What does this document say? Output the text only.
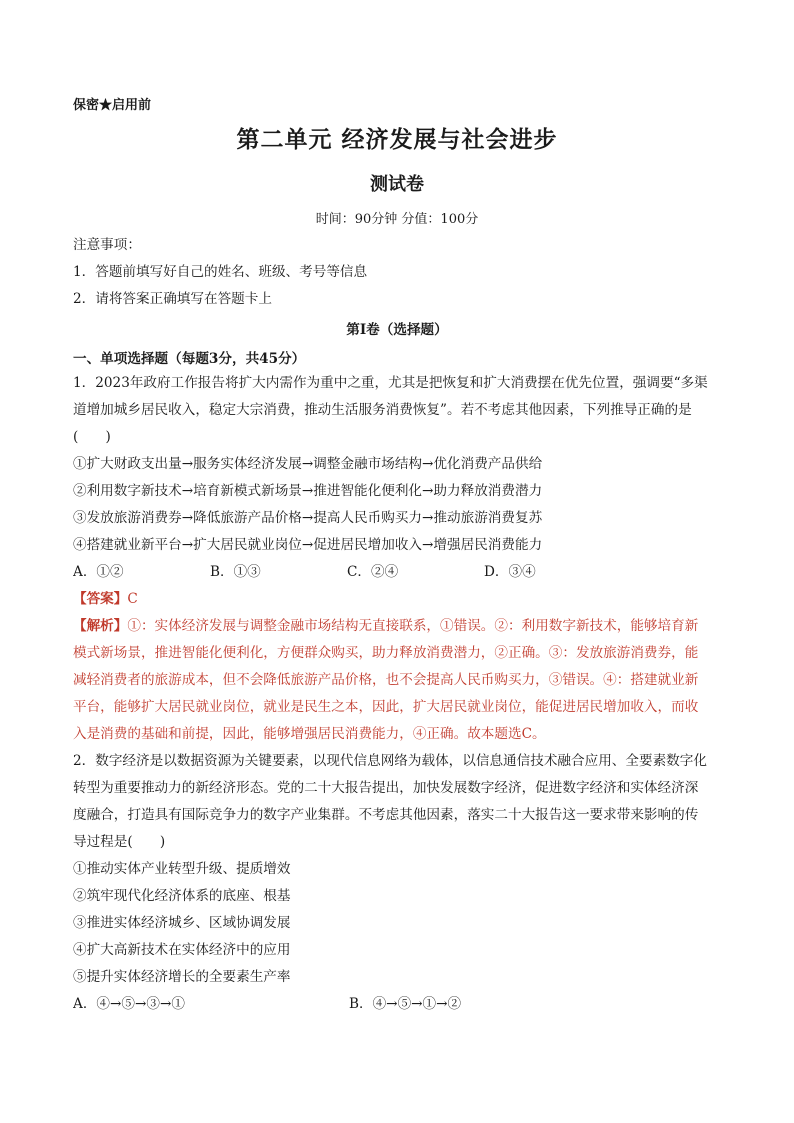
保密★启用前
第二单元 经济发展与社会进步
测试卷
时间：90分钟 分值：100分
注意事项：
1．答题前填写好自己的姓名、班级、考号等信息
2．请将答案正确填写在答题卡上
第I卷（选择题）
一、单项选择题（每题3分，共45分）
1．2023年政府工作报告将扩大内需作为重中之重，尤其是把恢复和扩大消费摆在优先位置，强调要“多渠
道增加城乡居民收入，稳定大宗消费，推动生活服务消费恢复”。若不考虑其他因素，下列推导正确的是
(　　)
①扩大财政支出量→服务实体经济发展→调整金融市场结构→优化消费产品供给
②利用数字新技术→培育新模式新场景→推进智能化便利化→助力释放消费潜力
③发放旅游消费券→降低旅游产品价格→提高人民币购买力→推动旅游消费复苏
④搭建就业新平台→扩大居民就业岗位→促进居民增加收入→增强居民消费能力
A．①②	B．①③	C．②④	D．③④
【答案】C
【解析】①：实体经济发展与调整金融市场结构无直接联系，①错误。②：利用数字新技术，能够培育新
模式新场景，推进智能化便利化，方便群众购买，助力释放消费潜力，②正确。③：发放旅游消费券，能
减轻消费者的旅游成本，但不会降低旅游产品价格，也不会提高人民币购买力，③错误。④：搭建就业新
平台，能够扩大居民就业岗位，就业是民生之本，因此，扩大居民就业岗位，能促进居民增加收入，而收
入是消费的基础和前提，因此，能够增强居民消费能力，④正确。故本题选C。
2．数字经济是以数据资源为关键要素，以现代信息网络为载体，以信息通信技术融合应用、全要素数字化
转型为重要推动力的新经济形态。党的二十大报告提出，加快发展数字经济，促进数字经济和实体经济深
度融合，打造具有国际竞争力的数字产业集群。不考虑其他因素，落实二十大报告这一要求带来影响的传
导过程是(　　)
①推动实体产业转型升级、提质增效
②筑牢现代化经济体系的底座、根基
③推进实体经济城乡、区域协调发展
④扩大高新技术在实体经济中的应用
⑤提升实体经济增长的全要素生产率
A．④→⑤→③→①	B．④→⑤→①→②
